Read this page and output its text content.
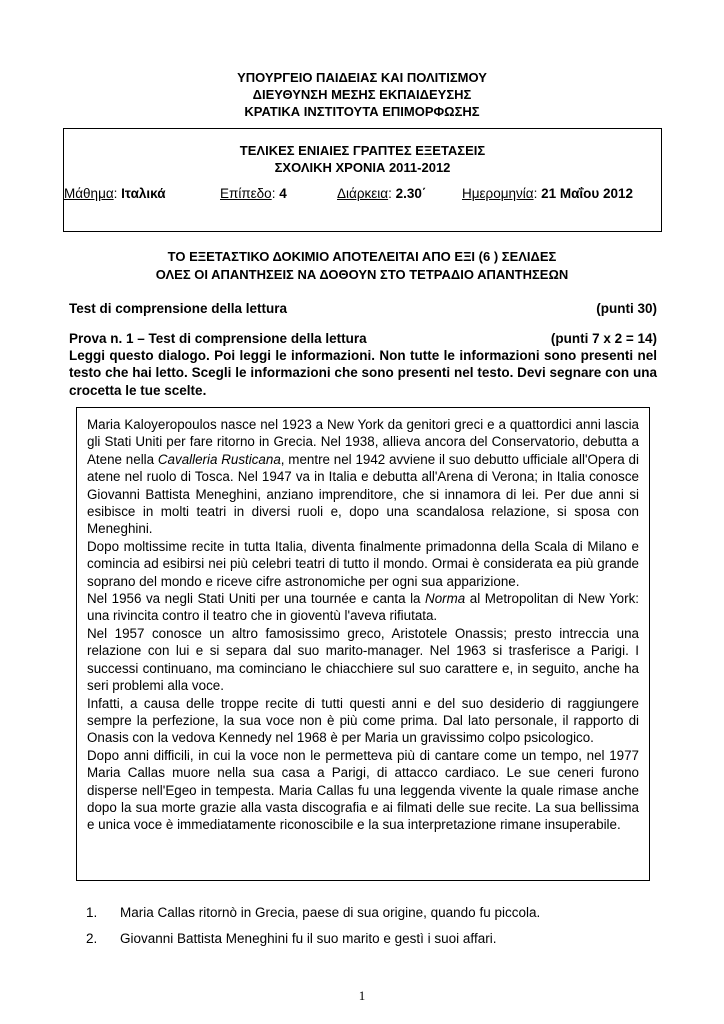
ΥΠΟΥΡΓΕΙΟ ΠΑΙΔΕΙΑΣ ΚΑΙ ΠΟΛΙΤΙΣΜΟΥ
ΔΙΕΥΘΥΝΣΗ ΜΕΣΗΣ ΕΚΠΑΙΔΕΥΣΗΣ
ΚΡΑΤΙΚΑ ΙΝΣΤΙΤΟΥΤΑ ΕΠΙΜΟΡΦΩΣΗΣ
ΤΕΛΙΚΕΣ ΕΝΙΑΙΕΣ ΓΡΑΠΤΕΣ ΕΞΕΤΑΣΕΙΣ
ΣΧΟΛΙΚΗ ΧΡΟΝΙΑ 2011-2012
Μάθημα: Ιταλικά	Επίπεδο: 4	Διάρκεια: 2.30΄	Ημερομηνία: 21 Μαΐου 2012
ΤΟ ΕΞΕΤΑΣΤΙΚΟ ΔΟΚΙΜΙΟ ΑΠΟΤΕΛΕΙΤΑΙ ΑΠΟ ΕΞΙ (6 ) ΣΕΛΙΔΕΣ
ΟΛΕΣ ΟΙ ΑΠΑΝΤΗΣΕΙΣ ΝΑ ΔΟΘΟΥΝ ΣΤΟ ΤΕΤΡΑΔΙΟ ΑΠΑΝΤΗΣΕΩΝ
Test di comprensione della lettura	(punti 30)
Prova n. 1 – Test di comprensione della lettura	(punti 7 x 2 = 14)
Leggi questo dialogo. Poi leggi le informazioni. Non tutte le informazioni sono presenti nel testo che hai letto. Scegli le informazioni che sono presenti nel testo. Devi segnare con una crocetta le tue scelte.

Maria Kaloyeropoulos nasce nel 1923 a New York da genitori greci e a quattordici anni lascia gli Stati Uniti per fare ritorno in Grecia. Nel 1938, allieva ancora del Conservatorio, debutta a Atene nella Cavalleria Rusticana, mentre nel 1942 avviene il suo debutto ufficiale all'Opera di atene nel ruolo di Tosca. Nel 1947 va in Italia e debutta all'Arena di Verona; in Italia conosce Giovanni Battista Meneghini, anziano imprenditore, che si innamora di lei. Per due anni si esibisce in molti teatri in diversi ruoli e, dopo una scandalosa relazione, si sposa con Meneghini.

Dopo moltissime recite in tutta Italia, diventa finalmente primadonna della Scala di Milano e comincia ad esibirsi nei più celebri teatri di tutto il mondo. Ormai è considerata ea più grande soprano del mondo e riceve cifre astronomiche per ogni sua apparizione.

Nel 1956 va negli Stati Uniti per una tournée e canta la Norma al Metropolitan di New York: una rivincita contro il teatro che in gioventù l'aveva rifiutata.

Nel 1957 conosce un altro famosissimo greco, Aristotele Onassis; presto intreccia una relazione con lui e si separa dal suo marito-manager. Nel 1963 si trasferisce a Parigi. I successi continuano, ma cominciano le chiacchiere sul suo carattere e, in seguito, anche ha seri problemi alla voce.

Infatti, a causa delle troppe recite di tutti questi anni e del suo desiderio di raggiungere sempre la perfezione, la sua voce non è più come prima. Dal lato personale, il rapporto di Onasis con la vedova Kennedy nel 1968 è per Maria un gravissimo colpo psicologico.

Dopo anni difficili, in cui la voce non le permetteva più di cantare come un tempo, nel 1977 Maria Callas muore nella sua casa a Parigi, di attacco cardiaco. Le sue ceneri furono disperse nell'Egeo in tempesta. Maria Callas fu una leggenda vivente la quale rimase anche dopo la sua morte grazie alla vasta discografia e ai filmati delle sue recite. La sua bellissima e unica voce è immediatamente riconoscibile e la sua interpretazione rimane insuperabile.

1. Maria Callas ritornò in Grecia, paese di sua origine, quando fu piccola.
2. Giovanni Battista Meneghini fu il suo marito e gestì i suoi affari.
1
